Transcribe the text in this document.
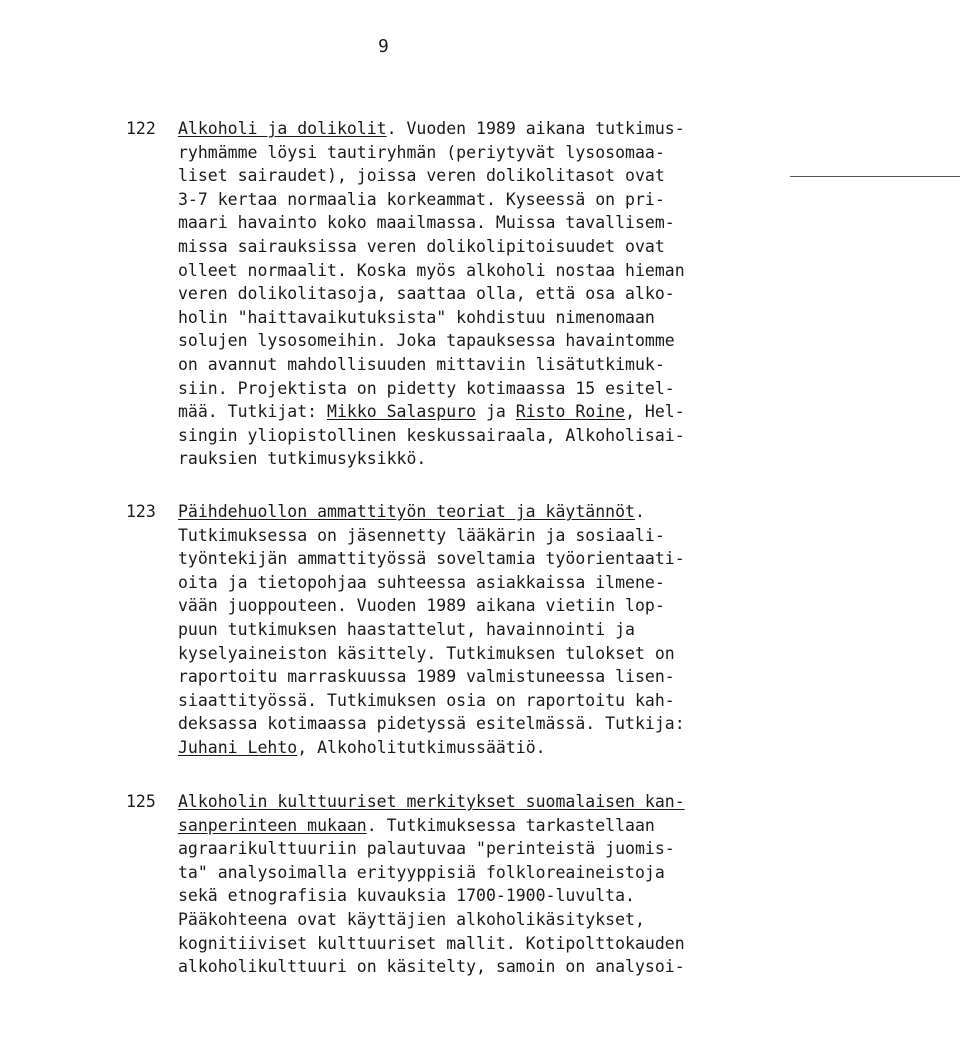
9
122 Alkoholi ja dolikolit. Vuoden 1989 aikana tutkimus-
ryhmämme löysi tautiryhmän (periytyvät lysosomaa-
liset sairaudet), joissa veren dolikolitasot ovat
3-7 kertaa normaalia korkeammat. Kyseessä on pri-
maari havainto koko maailmassa. Muissa tavallisem-
missa sairauksissa veren dolikolipitoisuudet ovat
olleet normaalit. Koska myös alkoholi nostaa hieman
veren dolikolitasoja, saattaa olla, että osa alko-
holin "haittavaikutuksista" kohdistuu nimenomaan
solujen lysosomeihin. Joka tapauksessa havaintomme
on avannut mahdollisuuden mittaviin lisätutkimuk-
siin. Projektista on pidetty kotimaassa 15 esitel-
mää. Tutkijat: Mikko Salaspuro ja Risto Roine, Hel-
singin yliopistollinen keskussairaala, Alkoholisai-
rauksien tutkimusyksikkö.
123 Päihdehuollon ammattityön teoriat ja käytännöt.
Tutkimuksessa on jäsennetty lääkärin ja sosiaali-
työntekijän ammattityössä soveltamia työorientaati-
oita ja tietopohjaa suhteessa asiakkaissa ilmene-
vään juoppouteen. Vuoden 1989 aikana vietiin lop-
puun tutkimuksen haastattelut, havainnointi ja
kyselyaineiston käsittely. Tutkimuksen tulokset on
raportoitu marraskuussa 1989 valmistuneessa lisen-
siaattityössä. Tutkimuksen osia on raportoitu kah-
deksassa kotimaassa pidetyssä esitelmässä. Tutkija:
Juhani Lehto, Alkoholitutkimussäätiö.
125 Alkoholin kulttuuriset merkitykset suomalaisen kan-
sanperinteen mukaan. Tutkimuksessa tarkastellaan
agraarikulttuuriin palautuvaa "perinteistä juomis-
ta" analysoimalla erityyppisiä folkloreaineistoja
sekä etnografisia kuvauksia 1700-1900-luvulta.
Pääkohteena ovat käyttäjien alkoholikäsitykset,
kognitiiviset kulttuuriset mallit. Kotipolttokauden
alkoholikulttuuri on käsitelty, samoin on analysoi-
